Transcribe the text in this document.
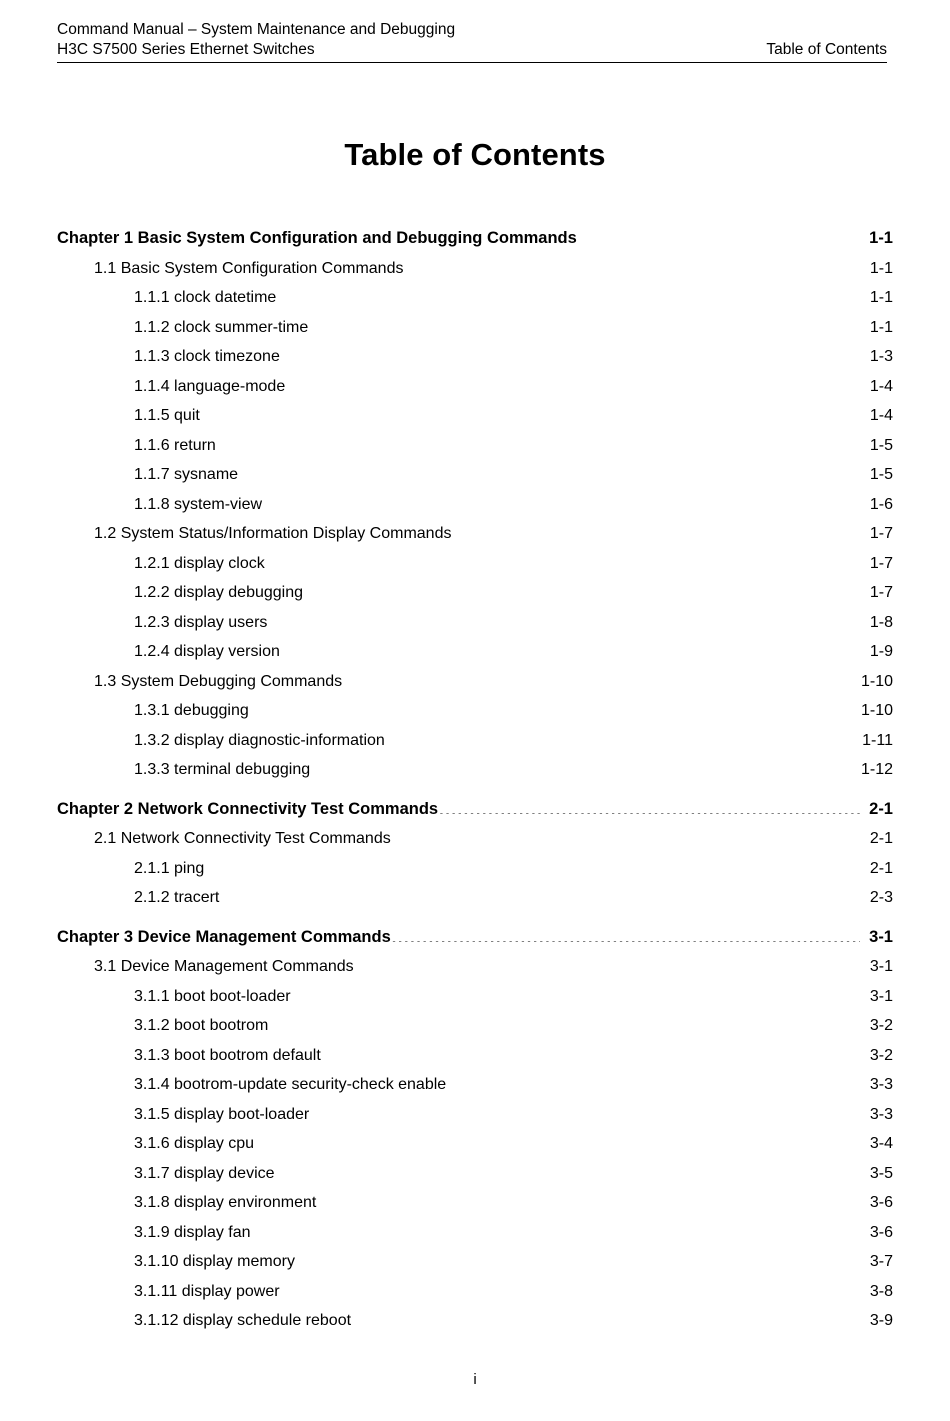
Command Manual – System Maintenance and Debugging
H3C S7500 Series Ethernet Switches	Table of Contents
Table of Contents
Chapter 1 Basic System Configuration and Debugging Commands .....	1-1
1.1 Basic System Configuration Commands .....	1-1
1.1.1 clock datetime .....	1-1
1.1.2 clock summer-time .....	1-1
1.1.3 clock timezone .....	1-3
1.1.4 language-mode .....	1-4
1.1.5 quit .....	1-4
1.1.6 return .....	1-5
1.1.7 sysname .....	1-5
1.1.8 system-view .....	1-6
1.2 System Status/Information Display Commands .....	1-7
1.2.1 display clock .....	1-7
1.2.2 display debugging .....	1-7
1.2.3 display users .....	1-8
1.2.4 display version .....	1-9
1.3 System Debugging Commands .....	1-10
1.3.1 debugging .....	1-10
1.3.2 display diagnostic-information .....	1-11
1.3.3 terminal debugging .....	1-12
Chapter 2 Network Connectivity Test Commands .....	2-1
2.1 Network Connectivity Test Commands .....	2-1
2.1.1 ping .....	2-1
2.1.2 tracert .....	2-3
Chapter 3 Device Management Commands .....	3-1
3.1 Device Management Commands .....	3-1
3.1.1 boot boot-loader .....	3-1
3.1.2 boot bootrom .....	3-2
3.1.3 boot bootrom default .....	3-2
3.1.4 bootrom-update security-check enable .....	3-3
3.1.5 display boot-loader .....	3-3
3.1.6 display cpu .....	3-4
3.1.7 display device .....	3-5
3.1.8 display environment .....	3-6
3.1.9 display fan .....	3-6
3.1.10 display memory .....	3-7
3.1.11 display power .....	3-8
3.1.12 display schedule reboot .....	3-9
i
